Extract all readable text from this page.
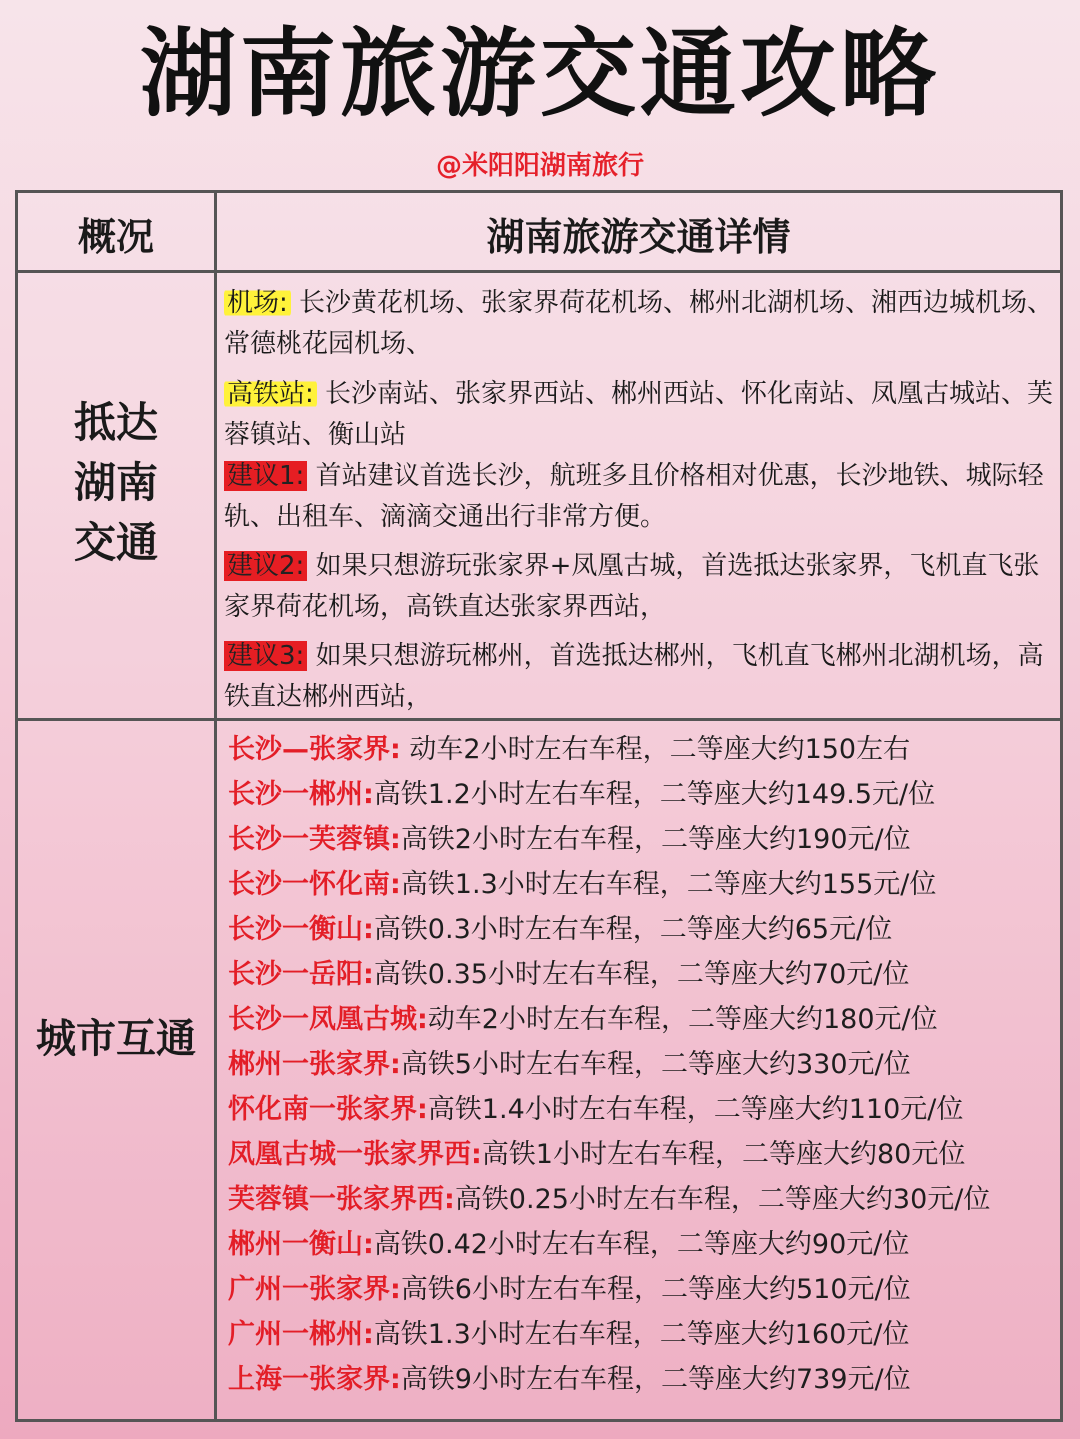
湖南旅游交通攻略
@米阳阳湖南旅行
概况	湖南旅游交通详情
抵达
湖南
交通

机场: 长沙黄花机场、张家界荷花机场、郴州北湖机场、湘西边城机场、常德桃花园机场、

高铁站: 长沙南站、张家界西站、郴州西站、怀化南站、凤凰古城站、芙蓉镇站、衡山站

建议1: 首站建议首选长沙，航班多且价格相对优惠，长沙地铁、城际轻轨、出租车、滴滴交通出行非常方便。

建议2: 如果只想游玩张家界+凤凰古城，首选抵达张家界，飞机直飞张家界荷花机场，高铁直达张家界西站，

建议3: 如果只想游玩郴州，首选抵达郴州，飞机直飞郴州北湖机场，高铁直达郴州西站，

城市互通

长沙—张家界: 动车2小时左右车程，二等座大约150左右

长沙一郴州:高铁1.2小时左右车程，二等座大约149.5元/位

长沙一芙蓉镇:高铁2小时左右车程，二等座大约190元/位

长沙一怀化南:高铁1.3小时左右车程，二等座大约155元/位

长沙一衡山:高铁0.3小时左右车程，二等座大约65元/位

长沙一岳阳:高铁0.35小时左右车程，二等座大约70元/位

长沙一凤凰古城:动车2小时左右车程，二等座大约180元/位

郴州一张家界:高铁5小时左右车程，二等座大约330元/位

怀化南一张家界:高铁1.4小时左右车程，二等座大约110元/位

凤凰古城一张家界西:高铁1小时左右车程，二等座大约80元位

芙蓉镇一张家界西:高铁0.25小时左右车程，二等座大约30元/位

郴州一衡山:高铁0.42小时左右车程，二等座大约90元/位

广州一张家界:高铁6小时左右车程，二等座大约510元/位

广州一郴州:高铁1.3小时左右车程，二等座大约160元/位

上海一张家界:高铁9小时左右车程，二等座大约739元/位
